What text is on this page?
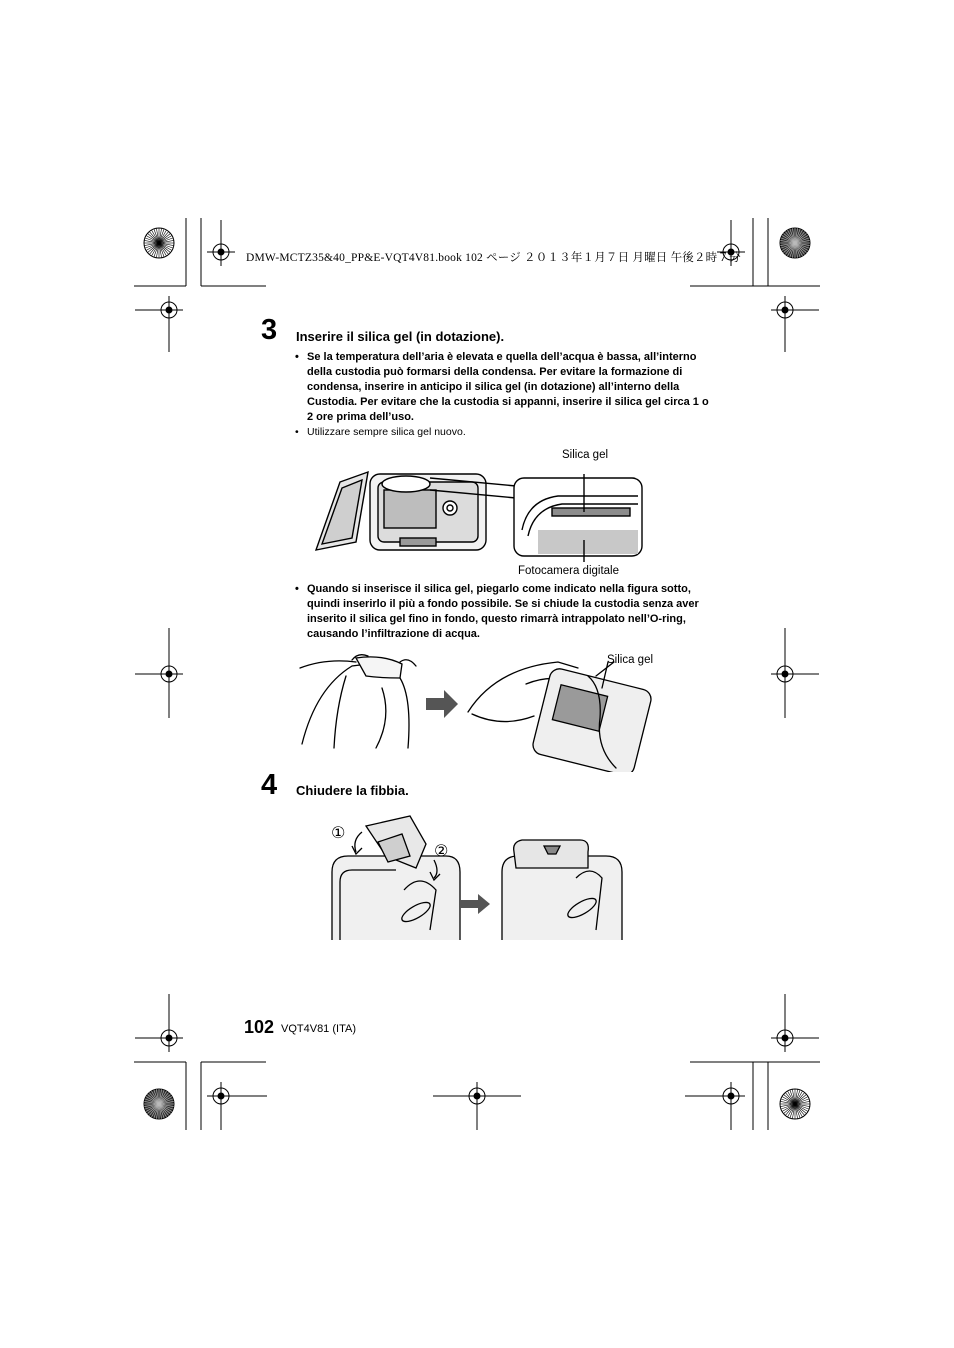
DMW-MCTZ35&40_PP&E-VQT4V81.book 102 ページ ２０１３年１月７日 月曜日 午後２時７分
3 Inserire il silica gel (in dotazione).
• Se la temperatura dell’aria è elevata e quella dell’acqua è bassa, all’interno della custodia può formarsi della condensa. Per evitare la formazione di condensa, inserire in anticipo il silica gel (in dotazione) all’interno della Custodia. Per evitare che la custodia si appanni, inserire il silica gel circa 1 o 2 ore prima dell’uso.
• Utilizzare sempre silica gel nuovo.
Silica gel
Fotocamera digitale
• Quando si inserisce il silica gel, piegarlo come indicato nella figura sotto, quindi inserirlo il più a fondo possibile. Se si chiude la custodia senza aver inserito il silica gel fino in fondo, questo rimarrà intrappolato nell’O-ring, causando l’infiltrazione di acqua.
Silica gel
4 Chiudere la fibbia.
①
②
102 VQT4V81 (ITA)
